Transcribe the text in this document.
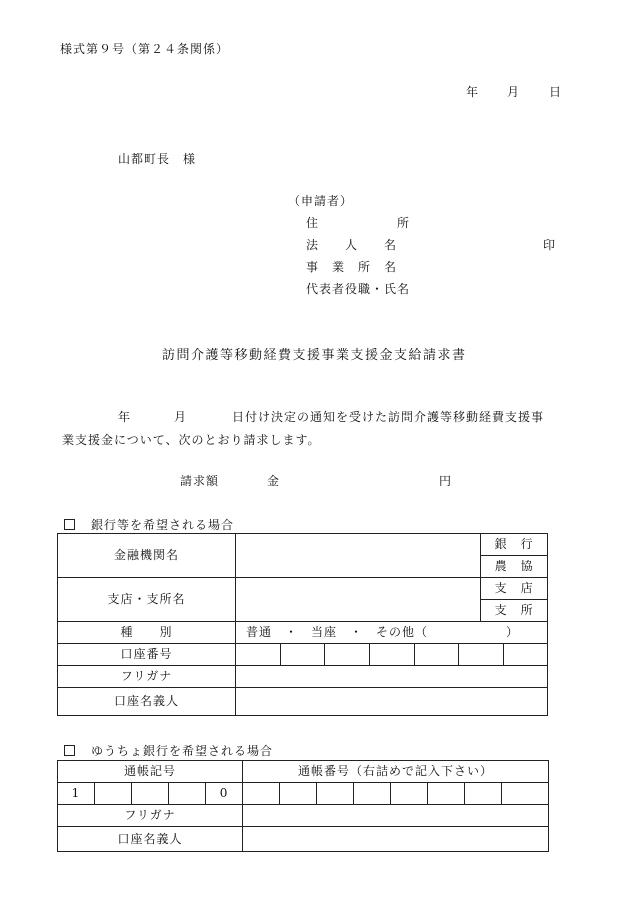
様式第９号（第２４条関係）
年 月 日
山都町長　様
（申請者）
住　　　　　　所
法　　人　　名	印
事　業　所　名
代表者役職・氏名
訪問介護等移動経費支援事業支援金支給請求書
年	月	日付け決定の通知を受けた訪問介護等移動経費支援事
業支援金について、次のとおり請求します。
請求額	金	円
銀行等を希望される場合
金融機関名							銀　行	
							農　協	
支店・支所名							支　店	
							支　所	
種　　別	普通　・　当座　・　その他（　　　　　　）							
口座番号								
フリガナ								
口座名義人								
ゆうちょ銀行を希望される場合
通帳記号					通帳番号（右詰めで記入下さい）							
1				0								
フリガナ												
口座名義人												
